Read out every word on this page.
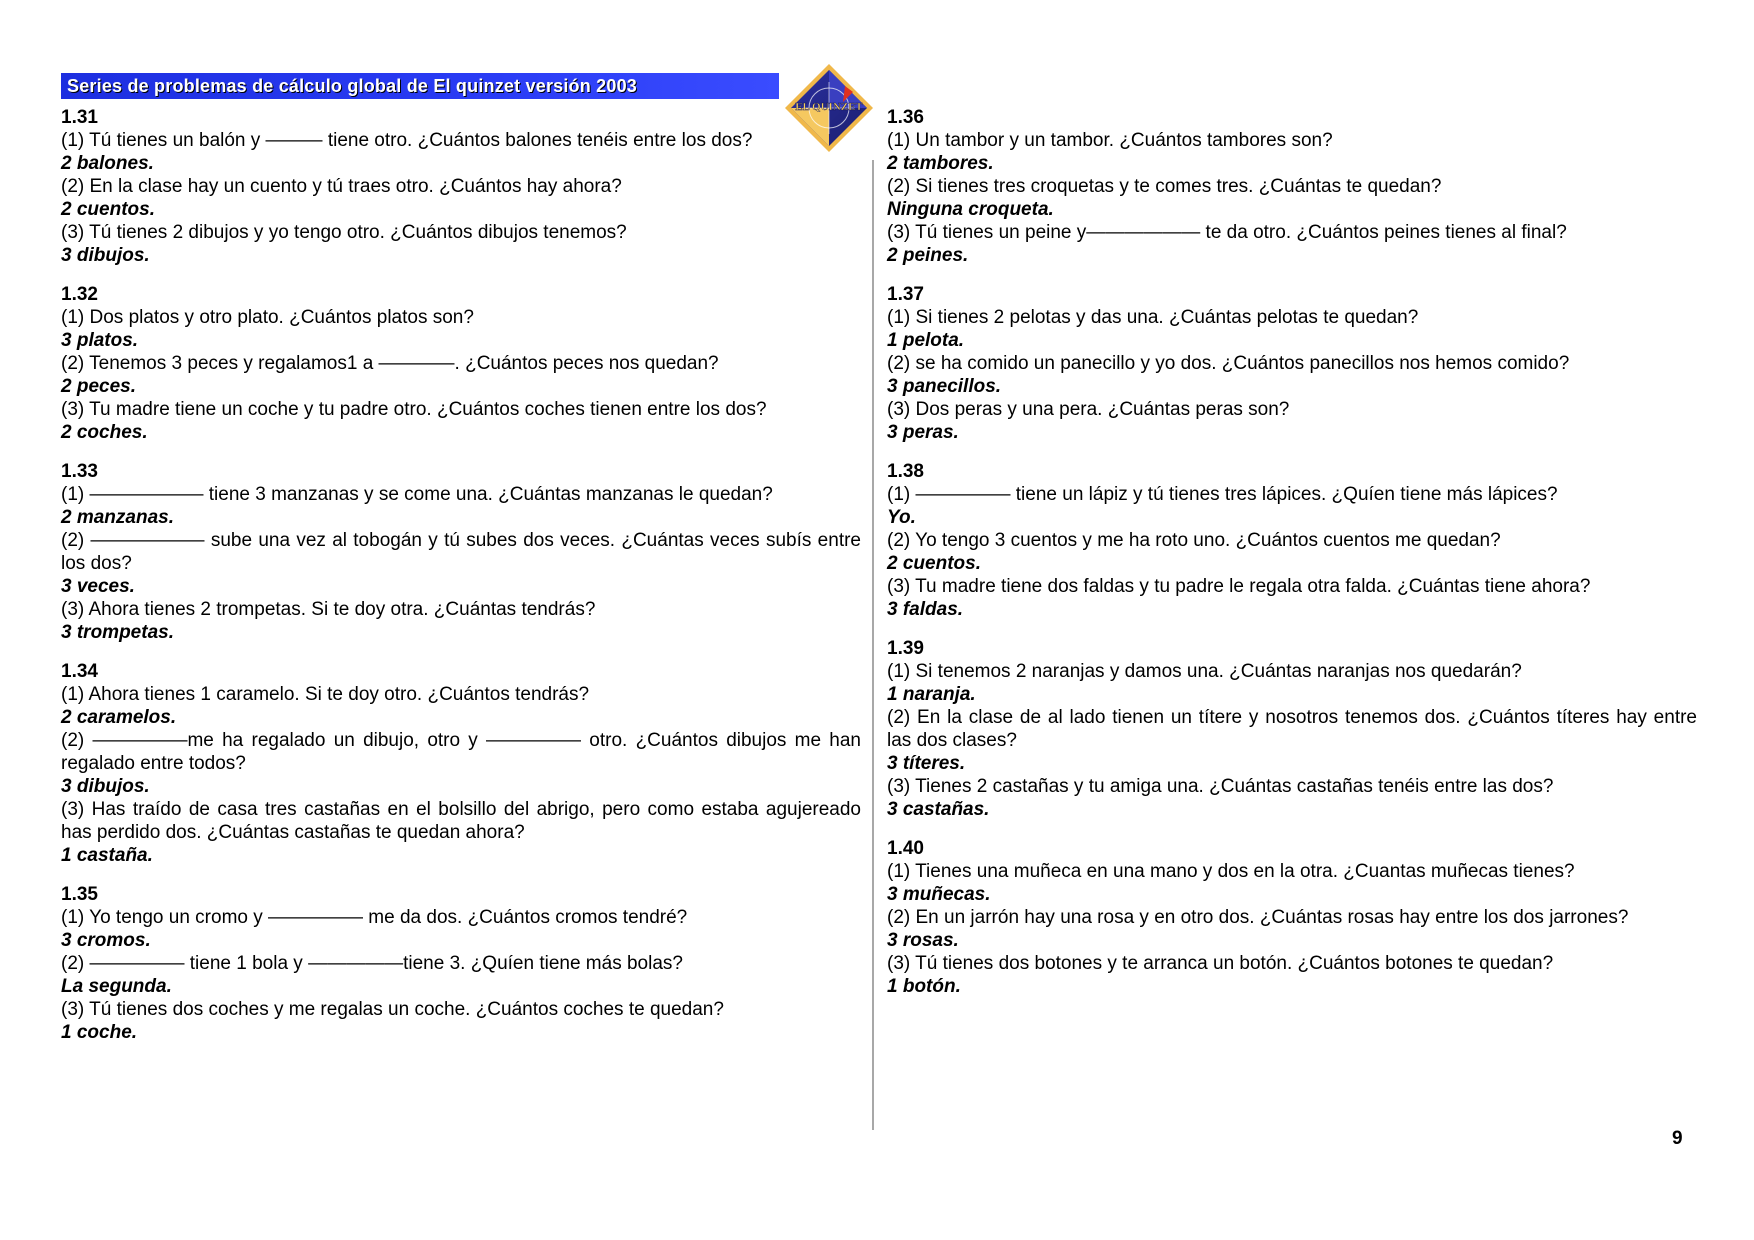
Series de problemas de cálculo global de El quinzet versión 2003
EL QUINZET
1.31
(1) Tú tienes un balón y ——— tiene otro. ¿Cuántos balones tenéis entre los dos?
2 balones.
(2) En la clase hay un cuento y tú traes otro. ¿Cuántos hay ahora?
2 cuentos.
(3) Tú tienes 2 dibujos y yo tengo otro. ¿Cuántos dibujos tenemos?
3 dibujos.
1.32
(1) Dos platos y otro plato. ¿Cuántos platos son?
3 platos.
(2) Tenemos 3 peces y regalamos1 a ————. ¿Cuántos peces nos quedan?
2 peces.
(3) Tu madre tiene un coche y tu padre otro. ¿Cuántos coches tienen entre los dos?
2 coches.
1.33
(1) —————— tiene 3 manzanas y se come una. ¿Cuántas manzanas le quedan?
2 manzanas.
(2) —————— sube una vez al tobogán y tú subes dos veces. ¿Cuántas veces subís entre los dos?
3 veces.
(3) Ahora tienes 2 trompetas. Si te doy otra. ¿Cuántas tendrás?
3 trompetas.
1.34
(1) Ahora tienes 1 caramelo. Si te doy otro. ¿Cuántos tendrás?
2 caramelos.
(2) —————me ha regalado un dibujo, otro y ————— otro. ¿Cuántos dibujos me han regalado entre todos?
3 dibujos.
(3) Has traído de casa tres castañas en el bolsillo del abrigo, pero como estaba agujereado has perdido dos. ¿Cuántas castañas te quedan ahora?
1 castaña.
1.35
(1) Yo tengo un cromo y ————— me da dos. ¿Cuántos cromos tendré?
3 cromos.
(2) ————— tiene 1 bola y —————tiene 3. ¿Quíen tiene más bolas?
La segunda.
(3) Tú tienes dos coches y me regalas un coche. ¿Cuántos coches te quedan?
1 coche.
1.36
(1) Un tambor y un tambor. ¿Cuántos tambores son?
2 tambores.
(2) Si tienes tres croquetas y te comes tres. ¿Cuántas te quedan?
Ninguna croqueta.
(3) Tú tienes un peine y—————— te da otro. ¿Cuántos peines tienes al final?
2 peines.
1.37
(1) Si tienes 2 pelotas y das una. ¿Cuántas pelotas te quedan?
1 pelota.
(2) se ha comido un panecillo y yo dos. ¿Cuántos panecillos nos hemos comido?
3 panecillos.
(3) Dos peras y una pera. ¿Cuántas peras son?
3 peras.
1.38
(1) ————— tiene un lápiz y tú tienes tres lápices. ¿Quíen tiene más lápices?
Yo.
(2) Yo tengo 3 cuentos y me ha roto uno. ¿Cuántos cuentos me quedan?
2 cuentos.
(3) Tu madre tiene dos faldas y tu padre le regala otra falda. ¿Cuántas tiene ahora?
3 faldas.
1.39
(1) Si tenemos 2 naranjas y damos una. ¿Cuántas naranjas nos quedarán?
1 naranja.
(2) En la clase de al lado tienen un títere y nosotros tenemos dos. ¿Cuántos títeres hay entre las dos clases?
3 títeres.
(3) Tienes 2 castañas y tu amiga una. ¿Cuántas castañas tenéis entre las dos?
3 castañas.
1.40
(1) Tienes una muñeca en una mano y dos en la otra. ¿Cuantas muñecas tienes?
3 muñecas.
(2) En un jarrón hay una rosa y en otro dos. ¿Cuántas rosas hay entre los dos jarrones?
3 rosas.
(3) Tú tienes dos botones y te arranca un botón. ¿Cuántos botones te quedan?
1 botón.
9
